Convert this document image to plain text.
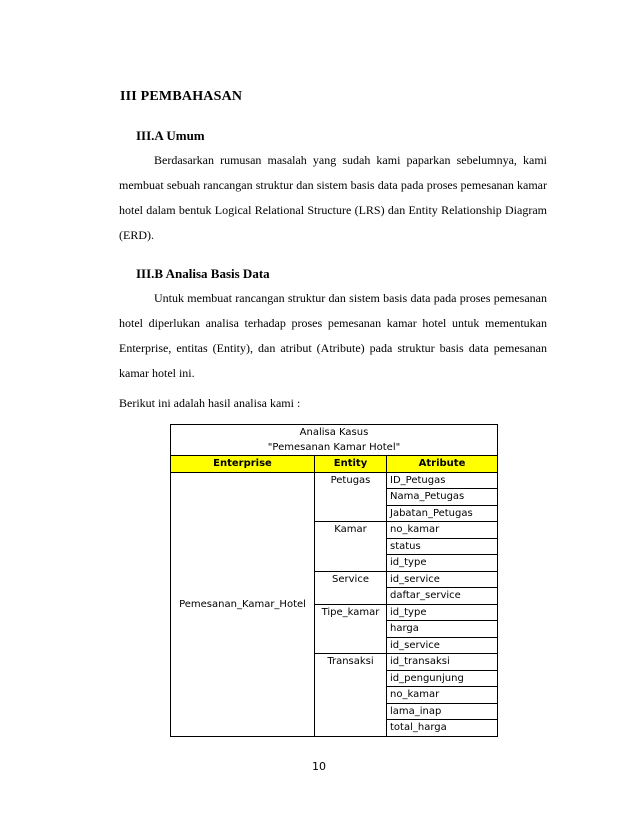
III PEMBAHASAN
III.A Umum
Berdasarkan rumusan masalah yang sudah kami paparkan sebelumnya, kami membuat sebuah rancangan struktur dan sistem basis data pada proses pemesanan kamar hotel dalam bentuk Logical Relational Structure (LRS) dan Entity Relationship Diagram (ERD).
III.B Analisa Basis Data
Untuk membuat rancangan struktur dan sistem basis data pada proses pemesanan hotel diperlukan analisa terhadap proses pemesanan kamar hotel untuk mementukan Enterprise, entitas (Entity), dan atribut (Atribute) pada struktur basis data pemesanan kamar hotel ini.
Berikut ini adalah hasil analisa kami :
Analisa Kasus
"Pemesanan Kamar Hotel"		

Enterprise	Entity	Atribute
Pemesanan_Kamar_Hotel	Petugas	ID_Petugas
		Nama_Petugas
		Jabatan_Petugas
	Kamar	no_kamar
		status
		id_type
	Service	id_service
		daftar_service
	Tipe_kamar	id_type
		harga
		id_service
	Transaksi	id_transaksi
		id_pengunjung
		no_kamar
		lama_inap
		total_harga
10
